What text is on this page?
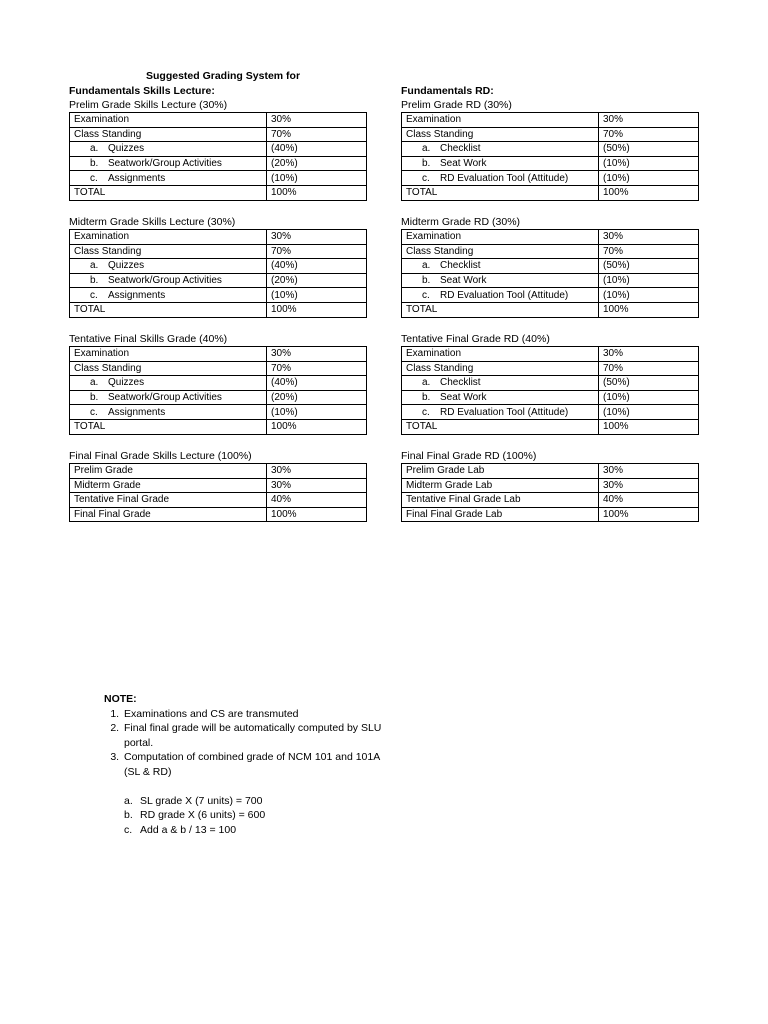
Suggested Grading System for
Fundamentals Skills Lecture:	Fundamentals RD:
Prelim Grade Skills Lecture (30%)
Midterm Grade Skills Lecture (30%)
Tentative Final Skills Grade (40%)
Final Final Grade Skills Lecture (100%)
Prelim Grade RD (30%)
Midterm Grade RD (30%)
Tentative Final Grade RD (40%)
Final Final Grade RD (100%)
Examination	30%
Class Standing	70%
a. Quizzes	(40%)
b. Seatwork/Group Activities	(20%)
c. Assignments	(10%)
TOTAL	100%
Examination	30%
Class Standing	70%
a. Quizzes	(40%)
b. Seatwork/Group Activities	(20%)
c. Assignments	(10%)
TOTAL	100%
Examination	30%
Class Standing	70%
a. Quizzes	(40%)
b. Seatwork/Group Activities	(20%)
c. Assignments	(10%)
TOTAL	100%
Prelim Grade	30%
Midterm Grade	30%
Tentative Final Grade	40%
Final Final Grade	100%
Examination	30%
Class Standing	70%
a. Checklist	(50%)
b. Seat Work	(10%)
c. RD Evaluation Tool (Attitude)	(10%)
TOTAL	100%
Examination	30%
Class Standing	70%
a. Checklist	(50%)
b. Seat Work	(10%)
c. RD Evaluation Tool (Attitude)	(10%)
TOTAL	100%
Examination	30%
Class Standing	70%
a. Checklist	(50%)
b. Seat Work	(10%)
c. RD Evaluation Tool (Attitude)	(10%)
TOTAL	100%
Prelim Grade Lab	30%
Midterm Grade Lab	30%
Tentative Final Grade Lab	40%
Final Final Grade Lab	100%
NOTE:
1. Examinations and CS are transmuted
2. Final final grade will be automatically computed by SLU portal.
3. Computation of combined grade of NCM 101 and 101A (SL & RD)
a. SL grade X (7 units) = 700
b. RD grade X (6 units) = 600
c. Add a & b / 13 = 100
